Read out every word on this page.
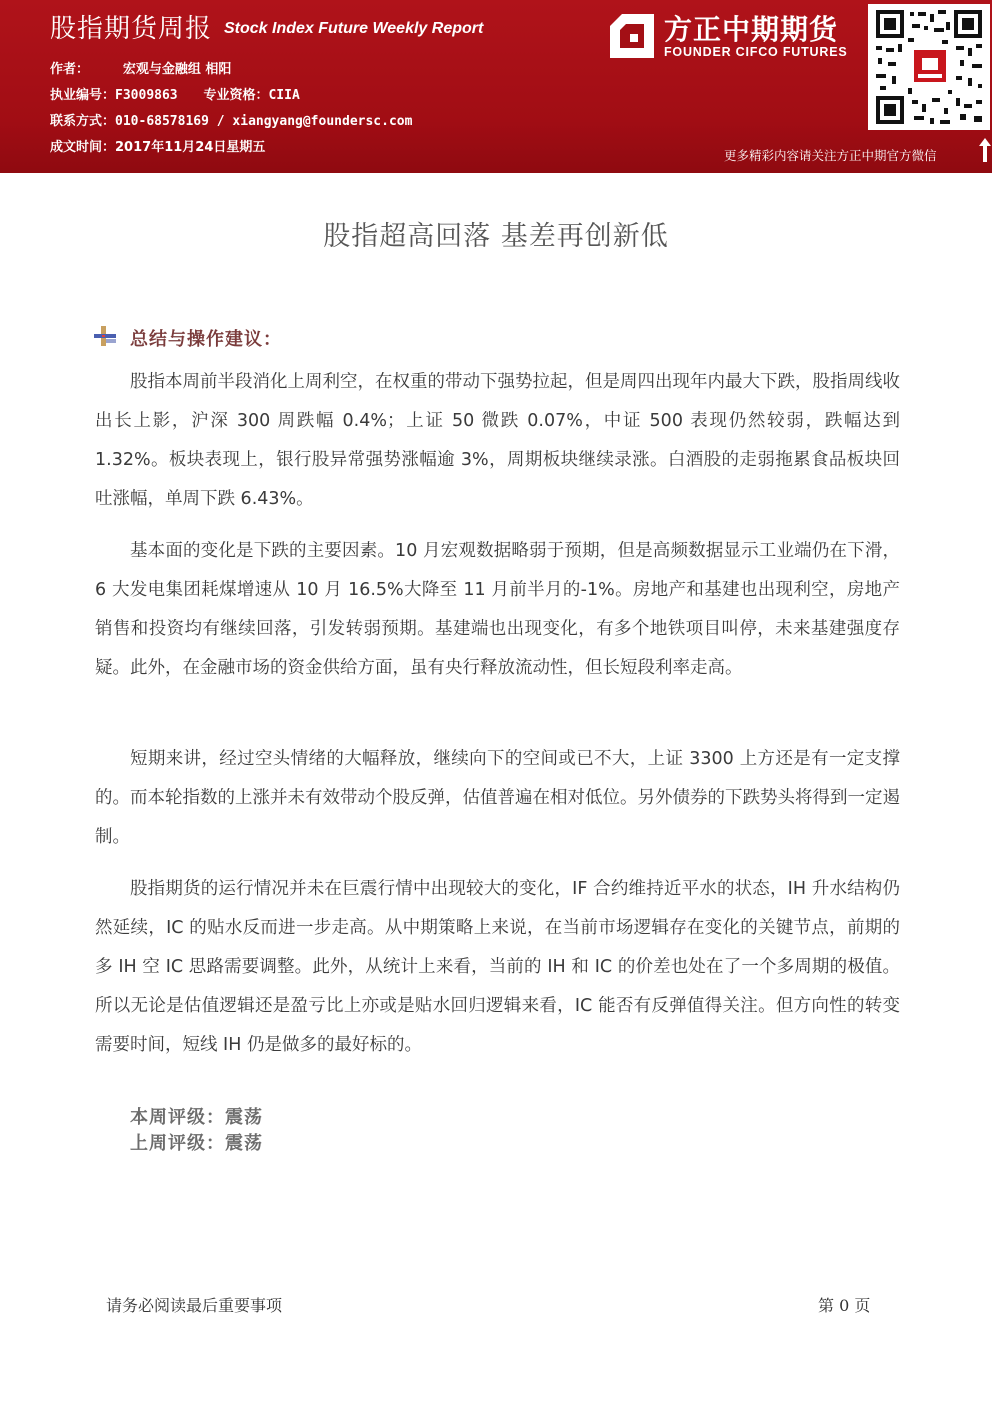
股指期货周报 Stock Index Future Weekly Report
作者：	宏观与金融组 相阳
执业编号：F3009863 专业资格：CIIA
联系方式：010-68578169 / xiangyang@foundersc.com
成文时间：2017年11月24日星期五
方正中期期货
FOUNDER CIFCO FUTURES
更多精彩内容请关注方正中期官方微信
股指超高回落 基差再创新低
总结与操作建议：

股指本周前半段消化上周利空，在权重的带动下强势拉起，但是周四出现年内最大下跌，股指周线收出长上影，沪深 300 周跌幅 0.4%；上证 50 微跌 0.07%，中证 500 表现仍然较弱，跌幅达到 1.32%。板块表现上，银行股异常强势涨幅逾 3%，周期板块继续录涨。白酒股的走弱拖累食品板块回吐涨幅，单周下跌 6.43%。

基本面的变化是下跌的主要因素。10 月宏观数据略弱于预期，但是高频数据显示工业端仍在下滑，6 大发电集团耗煤增速从 10 月 16.5%大降至 11 月前半月的-1%。房地产和基建也出现利空，房地产销售和投资均有继续回落，引发转弱预期。基建端也出现变化，有多个地铁项目叫停，未来基建强度存疑。此外，在金融市场的资金供给方面，虽有央行释放流动性，但长短段利率走高。

短期来讲，经过空头情绪的大幅释放，继续向下的空间或已不大，上证 3300 上方还是有一定支撑的。而本轮指数的上涨并未有效带动个股反弹，估值普遍在相对低位。另外债券的下跌势头将得到一定遏制。

股指期货的运行情况并未在巨震行情中出现较大的变化，IF 合约维持近平水的状态，IH 升水结构仍然延续，IC 的贴水反而进一步走高。从中期策略上来说，在当前市场逻辑存在变化的关键节点，前期的多 IH 空 IC 思路需要调整。此外，从统计上来看，当前的 IH 和 IC 的价差也处在了一个多周期的极值。所以无论是估值逻辑还是盈亏比上亦或是贴水回归逻辑来看，IC 能否有反弹值得关注。但方向性的转变需要时间，短线 IH 仍是做多的最好标的。

本周评级：震荡
上周评级：震荡
请务必阅读最后重要事项	第 0 页
